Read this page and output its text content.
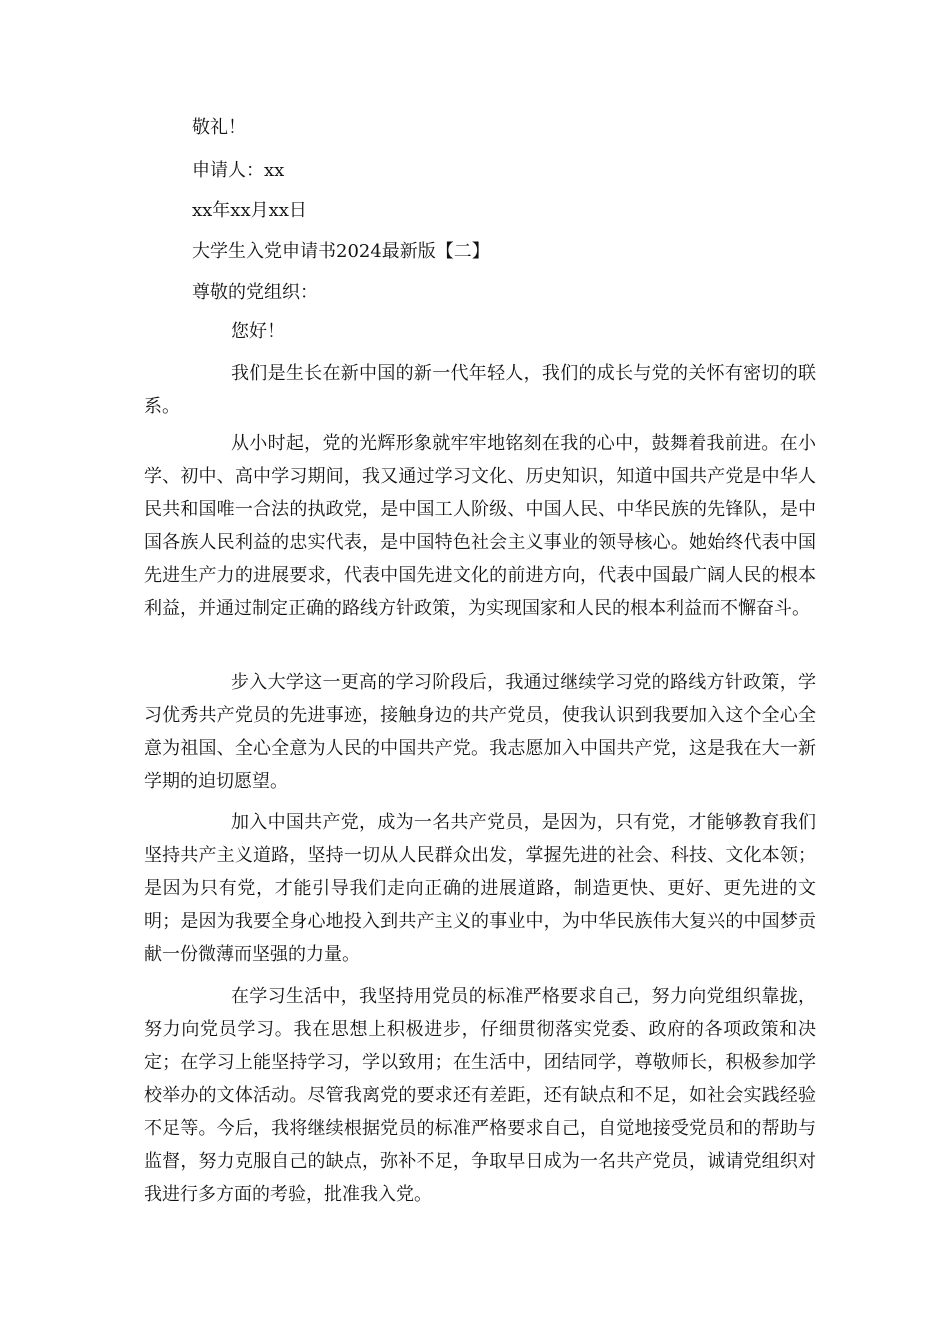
敬礼！
申请人：xx
xx年xx月xx日
大学生入党申请书2024最新版【二】
尊敬的党组织：
您好！

我们是生长在新中国的新一代年轻人，我们的成长与党的关怀有密切的联系。

从小时起，党的光辉形象就牢牢地铭刻在我的心中，鼓舞着我前进。在小学、初中、高中学习期间，我又通过学习文化、历史知识，知道中国共产党是中华人民共和国唯一合法的执政党，是中国工人阶级、中国人民、中华民族的先锋队，是中国各族人民利益的忠实代表，是中国特色社会主义事业的领导核心。她始终代表中国先进生产力的进展要求，代表中国先进文化的前进方向，代表中国最广阔人民的根本利益，并通过制定正确的路线方针政策，为实现国家和人民的根本利益而不懈奋斗。

步入大学这一更高的学习阶段后，我通过继续学习党的路线方针政策，学习优秀共产党员的先进事迹，接触身边的共产党员，使我认识到我要加入这个全心全意为祖国、全心全意为人民的中国共产党。我志愿加入中国共产党，这是我在大一新学期的迫切愿望。

加入中国共产党，成为一名共产党员，是因为，只有党，才能够教育我们坚持共产主义道路，坚持一切从人民群众出发，掌握先进的社会、科技、文化本领；是因为只有党，才能引导我们走向正确的进展道路，制造更快、更好、更先进的文明；是因为我要全身心地投入到共产主义的事业中，为中华民族伟大复兴的中国梦贡献一份微薄而坚强的力量。

在学习生活中，我坚持用党员的标准严格要求自己，努力向党组织靠拢，努力向党员学习。我在思想上积极进步，仔细贯彻落实党委、政府的各项政策和决定；在学习上能坚持学习，学以致用；在生活中，团结同学，尊敬师长，积极参加学校举办的文体活动。尽管我离党的要求还有差距，还有缺点和不足，如社会实践经验不足等。今后，我将继续根据党员的标准严格要求自己，自觉地接受党员和的帮助与监督，努力克服自己的缺点，弥补不足，争取早日成为一名共产党员，诚请党组织对我进行多方面的考验，批准我入党。
